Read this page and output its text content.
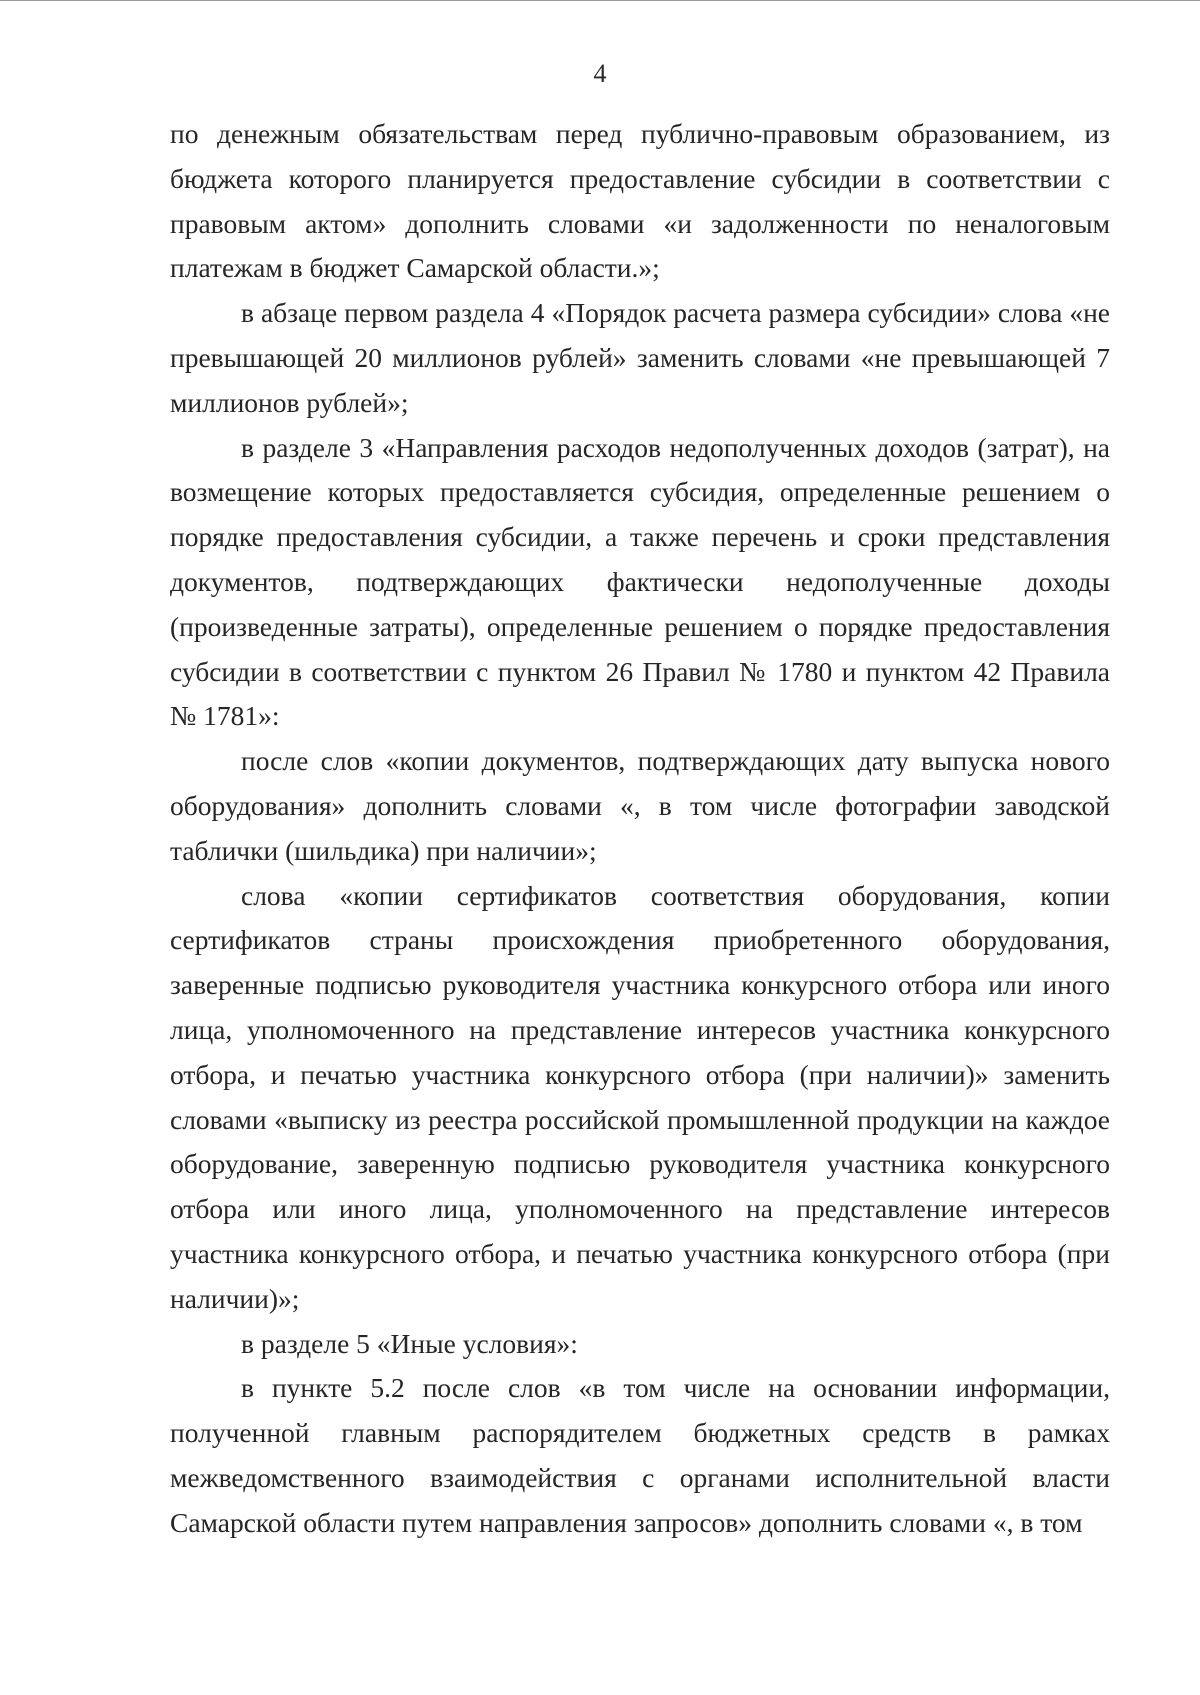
4

по денежным обязательствам перед публично-правовым образованием, из бюджета которого планируется предоставление субсидии в соответствии с правовым актом» дополнить словами «и задолженности по неналоговым платежам в бюджет Самарской области.»;

в абзаце первом раздела 4 «Порядок расчета размера субсидии» слова «не превышающей 20 миллионов рублей» заменить словами «не превышающей 7 миллионов рублей»;

в разделе 3 «Направления расходов недополученных доходов (затрат), на возмещение которых предоставляется субсидия, определенные решением о порядке предоставления субсидии, а также перечень и сроки представления документов, подтверждающих фактически недополученные доходы (произведенные затраты), определенные решением о порядке предоставления субсидии в соответствии с пунктом 26 Правил № 1780 и пунктом 42 Правила № 1781»:

после слов «копии документов, подтверждающих дату выпуска нового оборудования» дополнить словами «, в том числе фотографии заводской таблички (шильдика) при наличии»;

слова «копии сертификатов соответствия оборудования, копии сертификатов страны происхождения приобретенного оборудования, заверенные подписью руководителя участника конкурсного отбора или иного лица, уполномоченного на представление интересов участника конкурсного отбора, и печатью участника конкурсного отбора (при наличии)» заменить словами «выписку из реестра российской промышленной продукции на каждое оборудование, заверенную подписью руководителя участника конкурсного отбора или иного лица, уполномоченного на представление интересов участника конкурсного отбора, и печатью участника конкурсного отбора (при наличии)»;

в разделе 5 «Иные условия»:

в пункте 5.2 после слов «в том числе на основании информации, полученной главным распорядителем бюджетных средств в рамках межведомственного взаимодействия с органами исполнительной власти Самарской области путем направления запросов» дополнить словами «, в том
